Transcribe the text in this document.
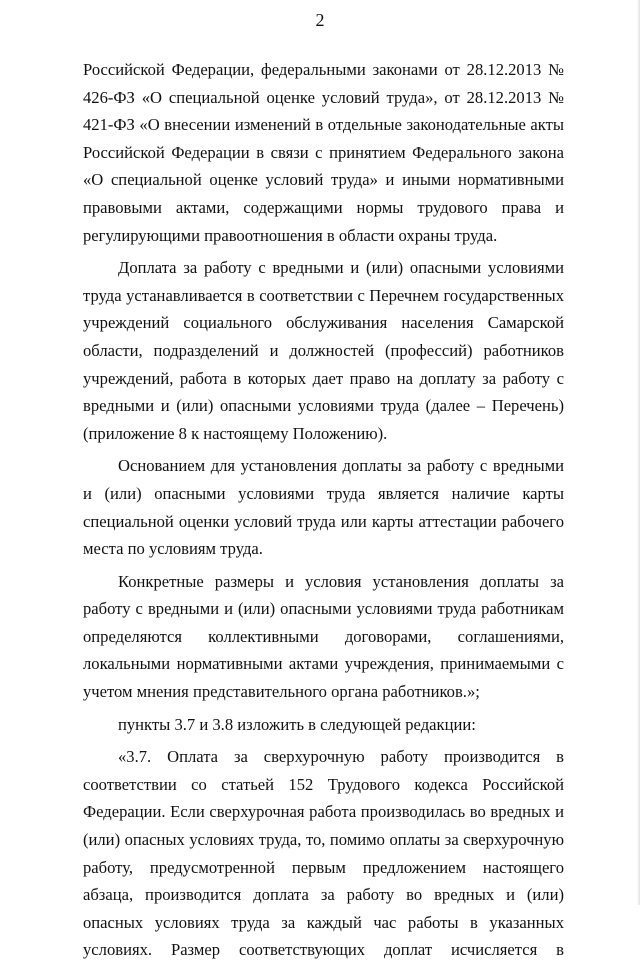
2

Российской Федерации, федеральными законами от 28.12.2013 № 426-ФЗ «О специальной оценке условий труда», от 28.12.2013 № 421-ФЗ «О внесении изменений в отдельные законодательные акты Российской Федерации в связи с принятием Федерального закона «О специальной оценке условий труда» и иными нормативными правовыми актами, содержащими нормы трудового права и регулирующими правоотношения в области охраны труда.

Доплата за работу с вредными и (или) опасными условиями труда устанавливается в соответствии с Перечнем государственных учреждений социального обслуживания населения Самарской области, подразделений и должностей (профессий) работников учреждений, работа в которых дает право на доплату за работу с вредными и (или) опасными условиями труда (далее – Перечень) (приложение 8 к настоящему Положению).

Основанием для установления доплаты за работу с вредными и (или) опасными условиями труда является наличие карты специальной оценки условий труда или карты аттестации рабочего места по условиям труда.

Конкретные размеры и условия установления доплаты за работу с вредными и (или) опасными условиями труда работникам определяются коллективными договорами, соглашениями, локальными нормативными актами учреждения, принимаемыми с учетом мнения представительного органа работников.»;

пункты 3.7 и 3.8 изложить в следующей редакции:

«3.7. Оплата за сверхурочную работу производится в соответствии со статьей 152 Трудового кодекса Российской Федерации. Если сверхурочная работа производилась во вредных и (или) опасных условиях труда, то, помимо оплаты за сверхурочную работу, предусмотренной первым предложением настоящего абзаца, производится доплата за работу во вредных и (или) опасных условиях труда за каждый час работы в указанных условиях. Размер соответствующих доплат исчисляется в
